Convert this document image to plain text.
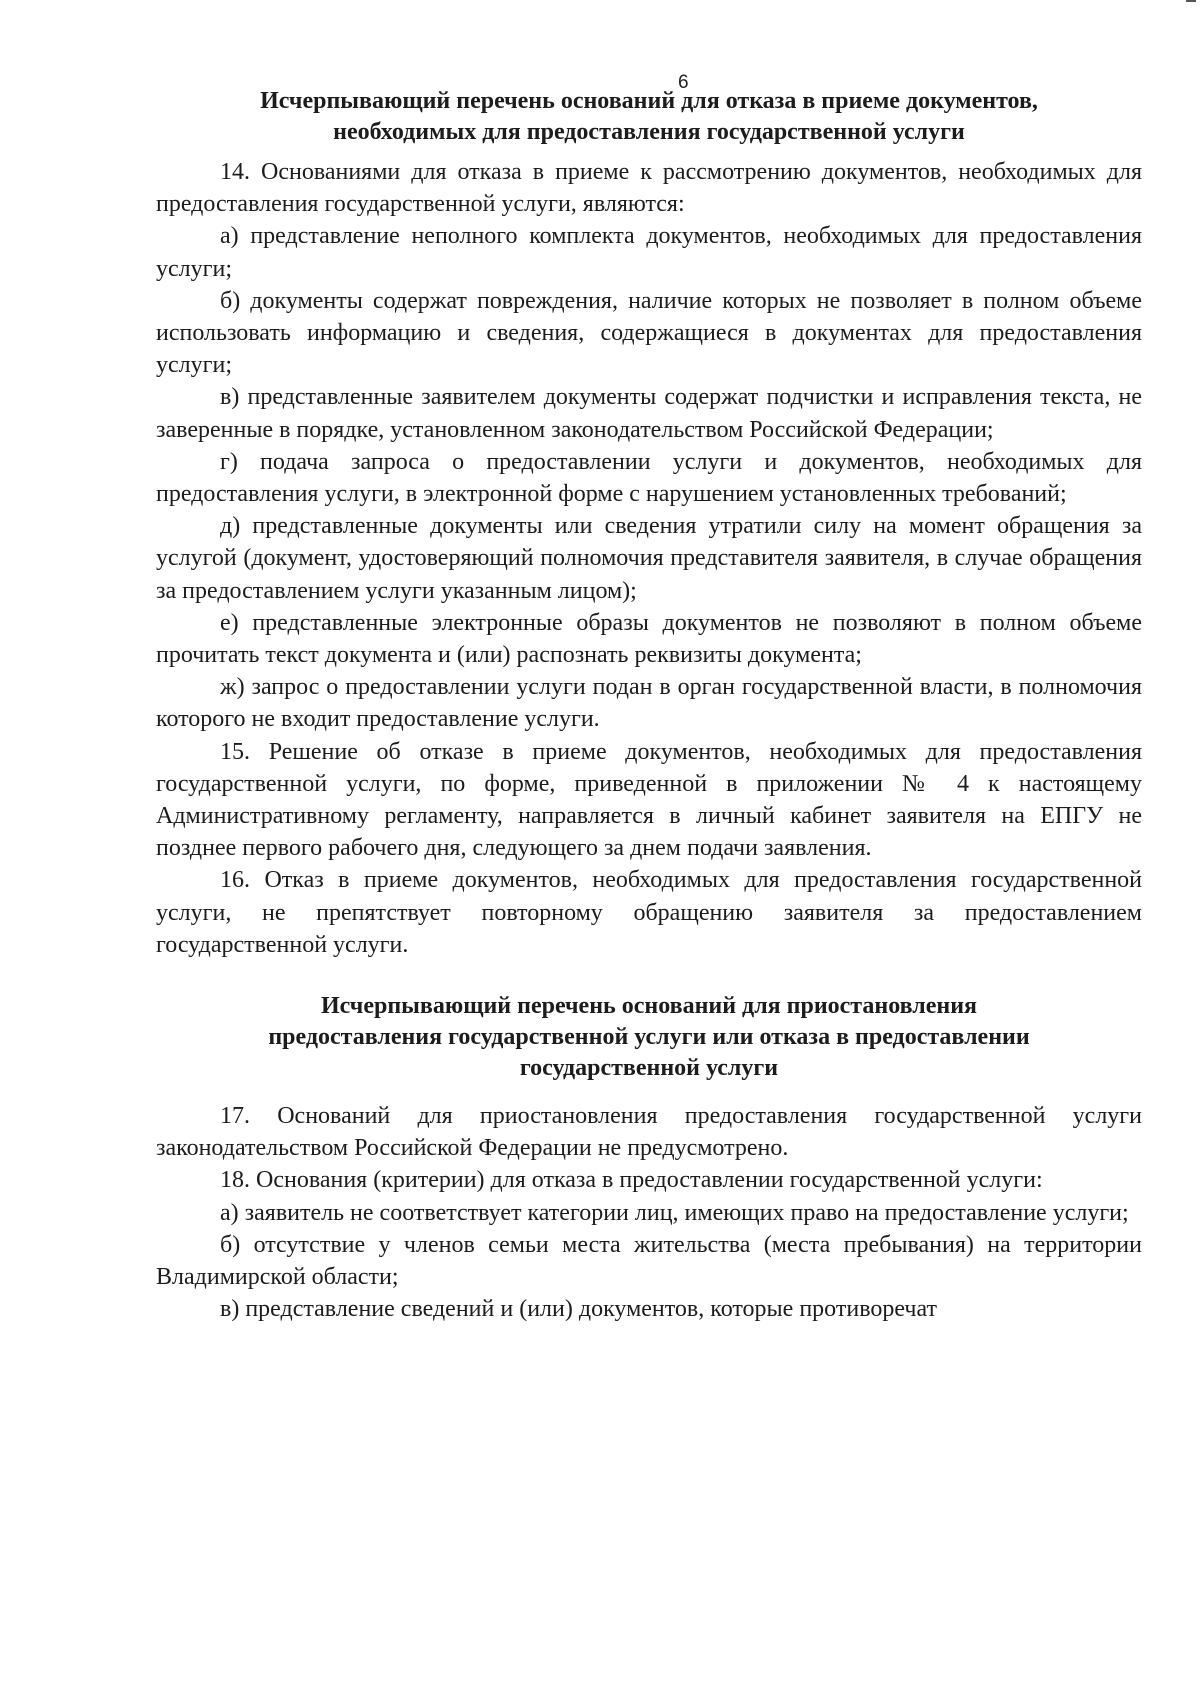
6
Исчерпывающий перечень оснований для отказа в приеме документов,
необходимых для предоставления государственной услуги

14. Основаниями для отказа в приеме к рассмотрению документов, необходимых для предоставления государственной услуги, являются:

а) представление неполного комплекта документов, необходимых для предоставления услуги;

б) документы содержат повреждения, наличие которых не позволяет в полном объеме использовать информацию и сведения, содержащиеся в документах для предоставления услуги;

в) представленные заявителем документы содержат подчистки и исправления текста, не заверенные в порядке, установленном законодательством Российской Федерации;

г) подача запроса о предоставлении услуги и документов, необходимых для предоставления услуги, в электронной форме с нарушением установленных требований;

д) представленные документы или сведения утратили силу на момент обращения за услугой (документ, удостоверяющий полномочия представителя заявителя, в случае обращения за предоставлением услуги указанным лицом);

е) представленные электронные образы документов не позволяют в полном объеме прочитать текст документа и (или) распознать реквизиты документа;

ж) запрос о предоставлении услуги подан в орган государственной власти, в полномочия которого не входит предоставление услуги.

15. Решение об отказе в приеме документов, необходимых для предоставления государственной услуги, по форме, приведенной в приложении № 4 к настоящему Административному регламенту, направляется в личный кабинет заявителя на ЕПГУ не позднее первого рабочего дня, следующего за днем подачи заявления.

16. Отказ в приеме документов, необходимых для предоставления государственной услуги, не препятствует повторному обращению заявителя за предоставлением государственной услуги.

Исчерпывающий перечень оснований для приостановления
предоставления государственной услуги или отказа в предоставлении
государственной услуги

17. Оснований для приостановления предоставления государственной услуги законодательством Российской Федерации не предусмотрено.

18. Основания (критерии) для отказа в предоставлении государственной услуги:

а) заявитель не соответствует категории лиц, имеющих право на предоставление услуги;

б) отсутствие у членов семьи места жительства (места пребывания) на территории Владимирской области;

в) представление сведений и (или) документов, которые противоречат
